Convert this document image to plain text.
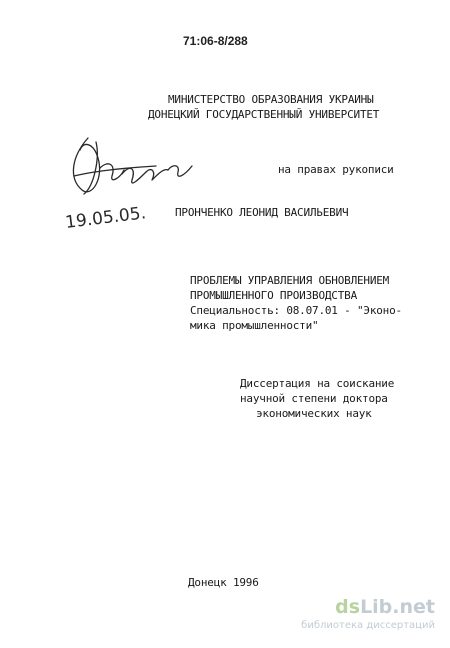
71:06-8/288
МИНИСТЕРСТВО ОБРАЗОВАНИЯ УКРАИНЫ
ДОНЕЦКИЙ ГОСУДАРСТВЕННЫЙ УНИВЕРСИТЕТ
19.05.05.
на правах рукописи
ПРОНЧЕНКО ЛЕОНИД ВАСИЛЬЕВИЧ
ПРОБЛЕМЫ УПРАВЛЕНИЯ ОБНОВЛЕНИЕМ
ПРОМЫШЛЕННОГО ПРОИЗВОДСТВА
Специальность: 08.07.01 - "Эконо-
мика промышленности"
Диссертация на соискание
научной степени доктора
экономических наук
Донецк 1996
dsLib.net
библиотека диссертаций
